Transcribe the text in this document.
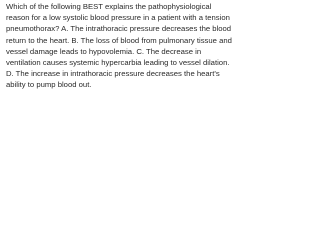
Which of the following BEST explains the pathophysiological reason for a low systolic blood pressure in a patient with a tension pneumothorax? A. The intrathoracic pressure decreases the blood return to the heart. B. The loss of blood from pulmonary tissue and vessel damage leads to hypovolemia. C. The decrease in ventilation causes systemic hypercarbia leading to vessel dilation. D. The increase in intrathoracic pressure decreases the heart's ability to pump blood out.
